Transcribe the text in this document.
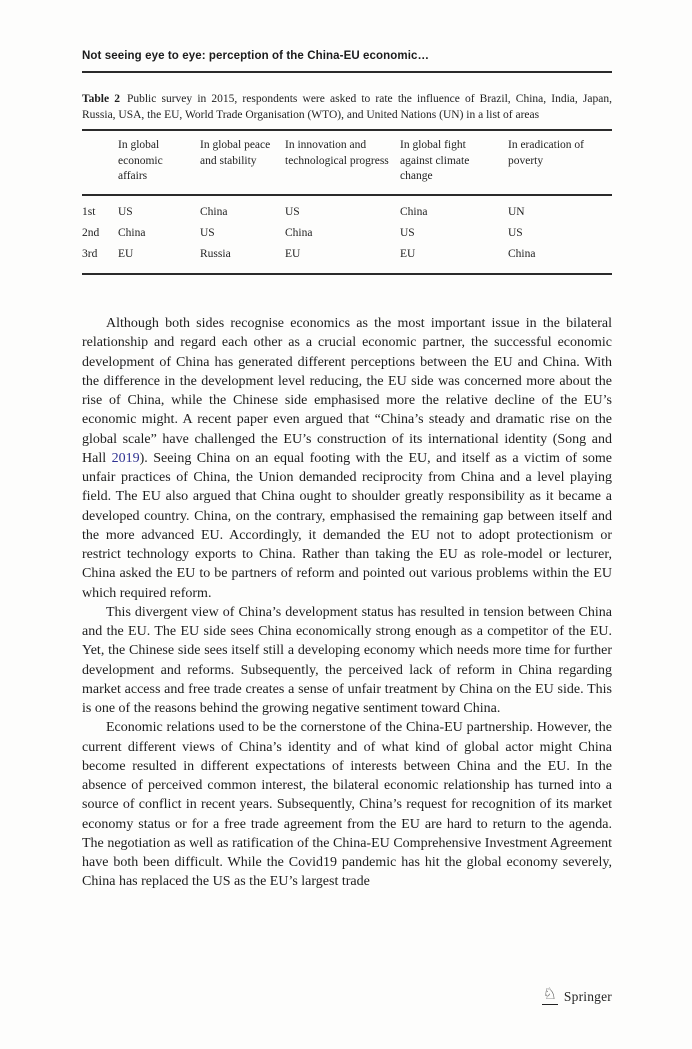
Not seeing eye to eye: perception of the China-EU economic…

Table 2 Public survey in 2015, respondents were asked to rate the influence of Brazil, China, India, Japan, Russia, USA, the EU, World Trade Organisation (WTO), and United Nations (UN) in a list of areas

	In global economic affairs	In global peace and stability	In innovation and technological progress	In global fight against climate change	In eradication of poverty
1st	US	China	US	China	UN
2nd	China	US	China	US	US
3rd	EU	Russia	EU	EU	China

Although both sides recognise economics as the most important issue in the bilateral relationship and regard each other as a crucial economic partner, the successful economic development of China has generated different perceptions between the EU and China. With the difference in the development level reducing, the EU side was concerned more about the rise of China, while the Chinese side emphasised more the relative decline of the EU’s economic might. A recent paper even argued that “China’s steady and dramatic rise on the global scale” have challenged the EU’s construction of its international identity (Song and Hall 2019). Seeing China on an equal footing with the EU, and itself as a victim of some unfair practices of China, the Union demanded reciprocity from China and a level playing field. The EU also argued that China ought to shoulder greatly responsibility as it became a developed country. China, on the contrary, emphasised the remaining gap between itself and the more advanced EU. Accordingly, it demanded the EU not to adopt protectionism or restrict technology exports to China. Rather than taking the EU as role-model or lecturer, China asked the EU to be partners of reform and pointed out various problems within the EU which required reform.

This divergent view of China’s development status has resulted in tension between China and the EU. The EU side sees China economically strong enough as a competitor of the EU. Yet, the Chinese side sees itself still a developing economy which needs more time for further development and reforms. Subsequently, the perceived lack of reform in China regarding market access and free trade creates a sense of unfair treatment by China on the EU side. This is one of the reasons behind the growing negative sentiment toward China.

Economic relations used to be the cornerstone of the China-EU partnership. However, the current different views of China’s identity and of what kind of global actor might China become resulted in different expectations of interests between China and the EU. In the absence of perceived common interest, the bilateral economic relationship has turned into a source of conflict in recent years. Subsequently, China’s request for recognition of its market economy status or for a free trade agreement from the EU are hard to return to the agenda. The negotiation as well as ratification of the China-EU Comprehensive Investment Agreement have both been difficult. While the Covid19 pandemic has hit the global economy severely, China has replaced the US as the EU’s largest trade

♘ Springer
